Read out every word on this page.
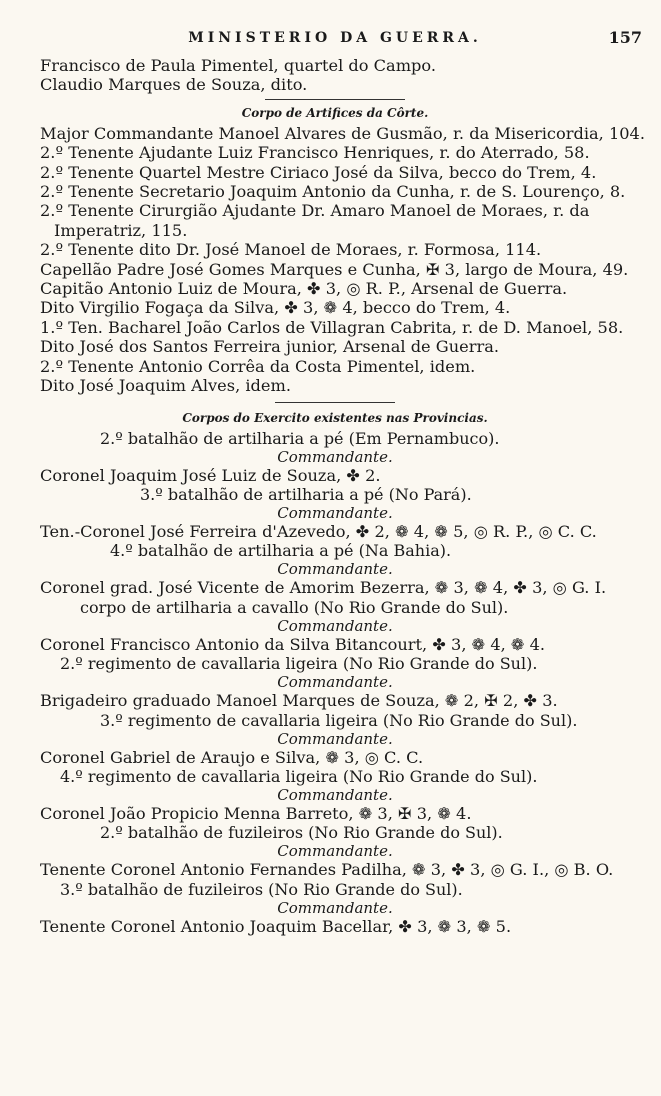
MINISTERIO DA GUERRA.	157
Francisco de Paula Pimentel, quartel do Campo.
Claudio Marques de Souza, dito.
Corpo de Artifices da Côrte.
Major Commandante Manoel Alvares de Gusmão, r. da Misericordia, 104.
2.º Tenente Ajudante Luiz Francisco Henriques, r. do Aterrado, 58.
2.º Tenente Quartel Mestre Ciriaco José da Silva, becco do Trem, 4.
2.º Tenente Secretario Joaquim Antonio da Cunha, r. de S. Lourenço, 8.
2.º Tenente Cirurgião Ajudante Dr. Amaro Manoel de Moraes, r. da
Imperatriz, 115.
2.º Tenente dito Dr. José Manoel de Moraes, r. Formosa, 114.
Capellão Padre José Gomes Marques e Cunha, ✠ 3, largo de Moura, 49.
Capitão Antonio Luiz de Moura, ✤ 3, ◎ R. P., Arsenal de Guerra.
Dito Virgilio Fogaça da Silva, ✤ 3, ❁ 4, becco do Trem, 4.
1.º Ten. Bacharel João Carlos de Villagran Cabrita, r. de D. Manoel, 58.
Dito José dos Santos Ferreira junior, Arsenal de Guerra.
2.º Tenente Antonio Corrêa da Costa Pimentel, idem.
Dito José Joaquim Alves, idem.
Corpos do Exercito existentes nas Provincias.
2.º batalhão de artilharia a pé (Em Pernambuco).
Commandante.
Coronel Joaquim José Luiz de Souza, ✤ 2.
3.º batalhão de artilharia a pé (No Pará).
Commandante.
Ten.-Coronel José Ferreira d'Azevedo, ✤ 2, ❁ 4, ❁ 5, ◎ R. P., ◎ C. C.
4.º batalhão de artilharia a pé (Na Bahia).
Commandante.
Coronel grad. José Vicente de Amorim Bezerra, ❁ 3, ❁ 4, ✤ 3, ◎ G. I.
corpo de artilharia a cavallo (No Rio Grande do Sul).
Commandante.
Coronel Francisco Antonio da Silva Bitancourt, ✤ 3, ❁ 4, ❁ 4.
2.º regimento de cavallaria ligeira (No Rio Grande do Sul).
Commandante.
Brigadeiro graduado Manoel Marques de Souza, ❁ 2, ✠ 2, ✤ 3.
3.º regimento de cavallaria ligeira (No Rio Grande do Sul).
Commandante.
Coronel Gabriel de Araujo e Silva, ❁ 3, ◎ C. C.
4.º regimento de cavallaria ligeira (No Rio Grande do Sul).
Commandante.
Coronel João Propicio Menna Barreto, ❁ 3, ✠ 3, ❁ 4.
2.º batalhão de fuzileiros (No Rio Grande do Sul).
Commandante.
Tenente Coronel Antonio Fernandes Padilha, ❁ 3, ✤ 3, ◎ G. I., ◎ B. O.
3.º batalhão de fuzileiros (No Rio Grande do Sul).
Commandante.
Tenente Coronel Antonio Joaquim Bacellar, ✤ 3, ❁ 3, ❁ 5.
